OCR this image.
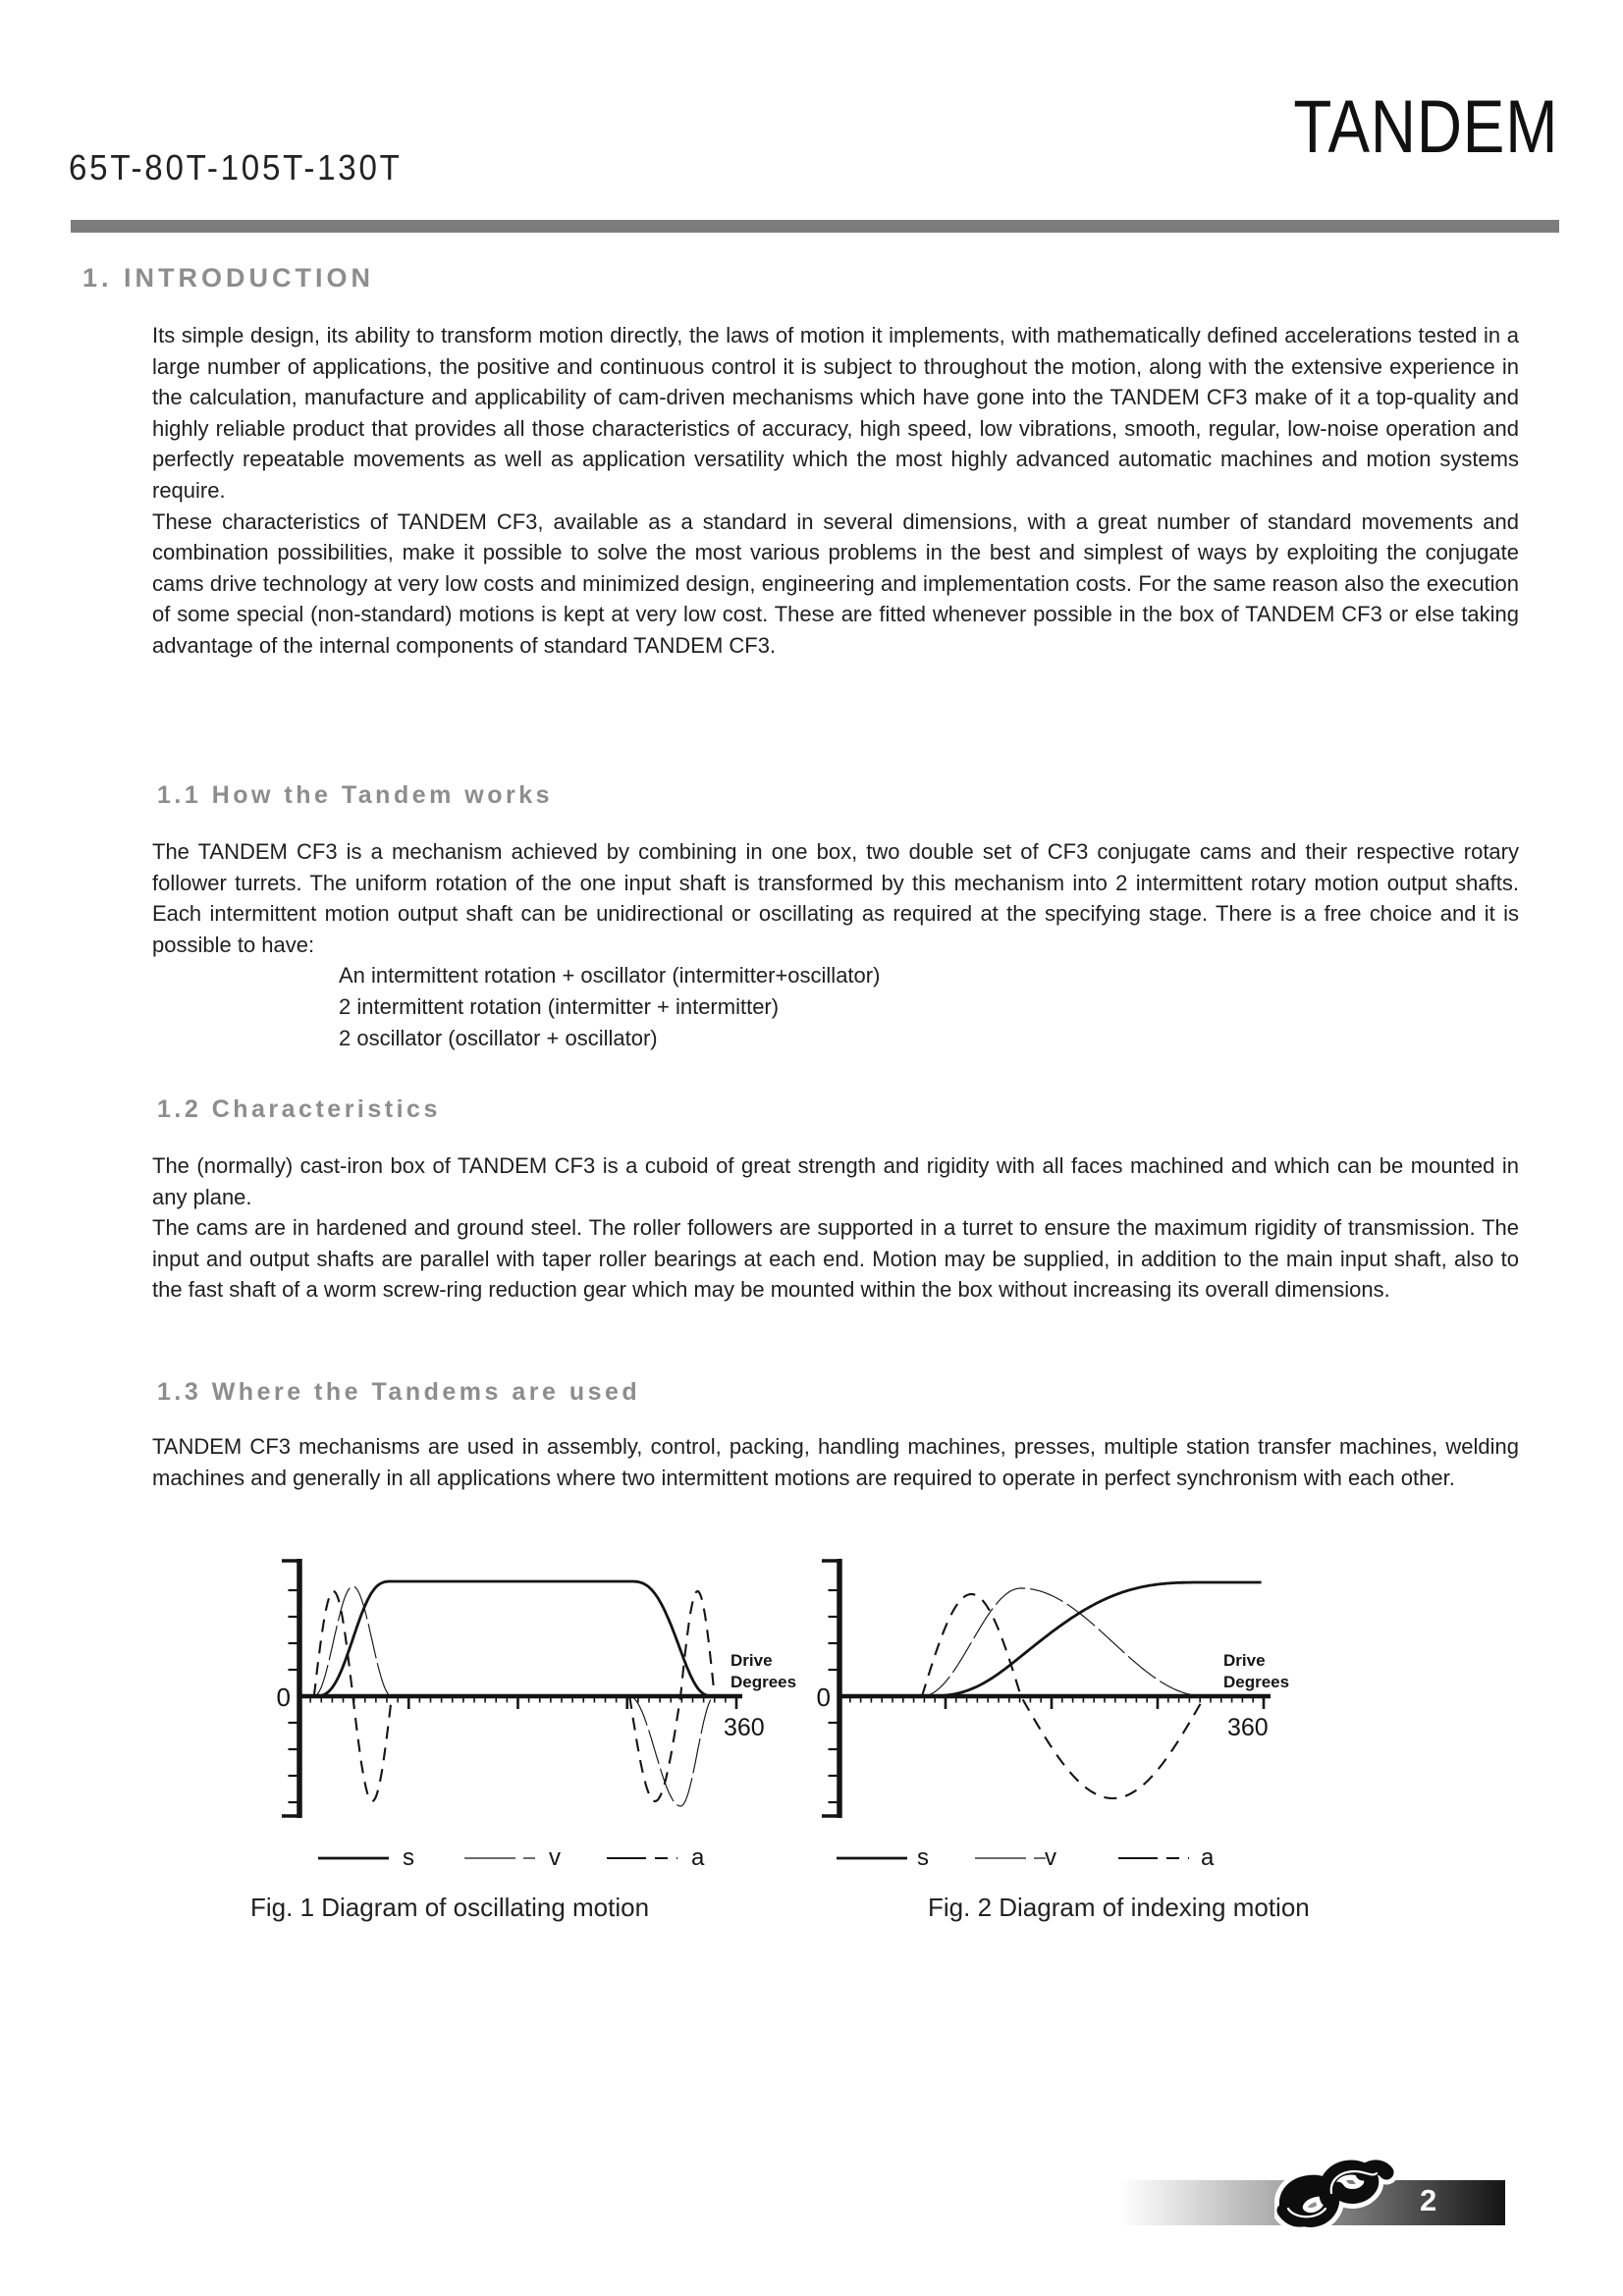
65T-80T-105T-130T	TANDEM
1. INTRODUCTION

Its simple design, its ability to transform motion directly, the laws of motion it implements, with mathematically defined accelerations tested in a large number of applications, the positive and continuous control it is subject to throughout the motion, along with the extensive experience in the calculation, manufacture and applicability of cam-driven mechanisms which have gone into the TANDEM CF3 make of it a top-quality and highly reliable product that provides all those characteristics of accuracy, high speed, low vibrations, smooth, regular, low-noise operation and perfectly repeatable movements as well as application versatility which the most highly advanced automatic machines and motion systems require.

These characteristics of TANDEM CF3, available as a standard in several dimensions, with a great number of standard movements and combination possibilities, make it possible to solve the most various problems in the best and simplest of ways by exploiting the conjugate cams drive technology at very low costs and minimized design, engineering and implementation costs. For the same reason also the execution of some special (non-standard) motions is kept at very low cost. These are fitted whenever possible in the box of TANDEM CF3 or else taking advantage of the internal components of standard TANDEM CF3.

1.1 How the Tandem works

The TANDEM CF3 is a mechanism achieved by combining in one box, two double set of CF3 conjugate cams and their respective rotary follower turrets. The uniform rotation of the one input shaft is transformed by this mechanism into 2 intermittent rotary motion output shafts. Each intermittent motion output shaft can be unidirectional or oscillating as required at the specifying stage. There is a free choice and it is possible to have:

An intermittent rotation + oscillator (intermitter+oscillator)
2 intermittent rotation (intermitter + intermitter)
2 oscillator (oscillator + oscillator)
1.2 Characteristics

The (normally) cast-iron box of TANDEM CF3 is a cuboid of great strength and rigidity with all faces machined and which can be mounted in any plane.

The cams are in hardened and ground steel. The roller followers are supported in a turret to ensure the maximum rigidity of transmission. The input and output shafts are parallel with taper roller bearings at each end. Motion may be supplied, in addition to the main input shaft, also to the fast shaft of a worm screw-ring reduction gear which may be mounted within the box without increasing its overall dimensions.

1.3 Where the Tandems are used

TANDEM CF3 mechanisms are used in assembly, control, packing, handling machines, presses, multiple station transfer machines, welding machines and generally in all applications where two intermittent motions are required to operate in perfect synchronism with each other.

0
360
Drive
Degrees
s	v	a
0
360
Drive
Degrees
s	v	a
Fig. 1 Diagram of oscillating motion	Fig. 2 Diagram of indexing motion
2
